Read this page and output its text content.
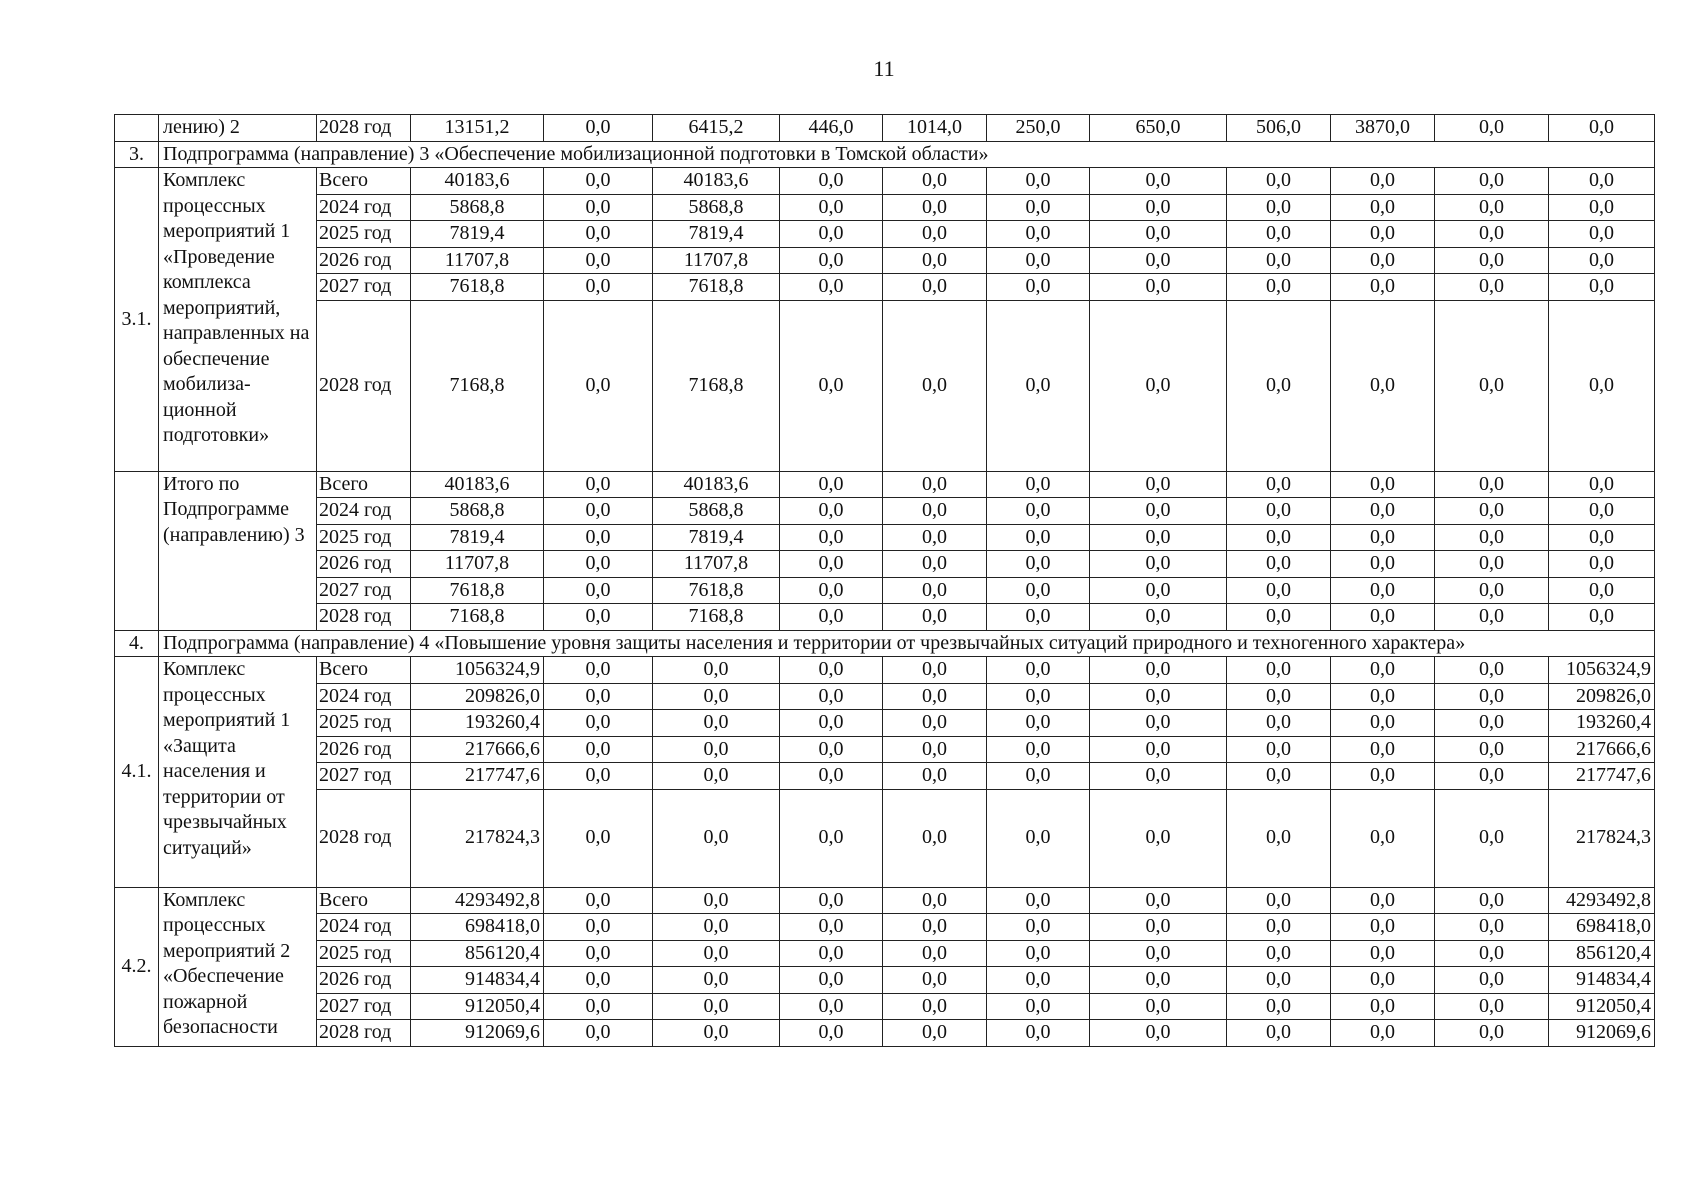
11
	лению) 2	2028 год	13151,2	0,0	6415,2	446,0	1014,0	250,0	650,0	506,0	3870,0	0,0	0,0
3.	Подпрограмма (направление) 3 «Обеспечение мобилизационной подготовки в Томской области»												
3.1.	Комплекс процессных мероприятий 1 «Проведение комплекса мероприятий, направленных на обеспечение мобилиза-ционной подготовки»	Всего	40183,6	0,0	40183,6	0,0	0,0	0,0	0,0	0,0	0,0	0,0	0,0
		2024 год	5868,8	0,0	5868,8	0,0	0,0	0,0	0,0	0,0	0,0	0,0	0,0
		2025 год	7819,4	0,0	7819,4	0,0	0,0	0,0	0,0	0,0	0,0	0,0	0,0
		2026 год	11707,8	0,0	11707,8	0,0	0,0	0,0	0,0	0,0	0,0	0,0	0,0
		2027 год	7618,8	0,0	7618,8	0,0	0,0	0,0	0,0	0,0	0,0	0,0	0,0
		2028 год	7168,8	0,0	7168,8	0,0	0,0	0,0	0,0	0,0	0,0	0,0	0,0
	Итого по Подпрограмме (направлению) 3	Всего	40183,6	0,0	40183,6	0,0	0,0	0,0	0,0	0,0	0,0	0,0	0,0
		2024 год	5868,8	0,0	5868,8	0,0	0,0	0,0	0,0	0,0	0,0	0,0	0,0
		2025 год	7819,4	0,0	7819,4	0,0	0,0	0,0	0,0	0,0	0,0	0,0	0,0
		2026 год	11707,8	0,0	11707,8	0,0	0,0	0,0	0,0	0,0	0,0	0,0	0,0
		2027 год	7618,8	0,0	7618,8	0,0	0,0	0,0	0,0	0,0	0,0	0,0	0,0
		2028 год	7168,8	0,0	7168,8	0,0	0,0	0,0	0,0	0,0	0,0	0,0	0,0
4.	Подпрограмма (направление) 4 «Повышение уровня защиты населения и территории от чрезвычайных ситуаций природного и техногенного характера»												
4.1.	Комплекс процессных мероприятий 1 «Защита населения и территории от чрезвычайных ситуаций»	Всего	1056324,9	0,0	0,0	0,0	0,0	0,0	0,0	0,0	0,0	0,0	1056324,9
		2024 год	209826,0	0,0	0,0	0,0	0,0	0,0	0,0	0,0	0,0	0,0	209826,0
		2025 год	193260,4	0,0	0,0	0,0	0,0	0,0	0,0	0,0	0,0	0,0	193260,4
		2026 год	217666,6	0,0	0,0	0,0	0,0	0,0	0,0	0,0	0,0	0,0	217666,6
		2027 год	217747,6	0,0	0,0	0,0	0,0	0,0	0,0	0,0	0,0	0,0	217747,6
		2028 год	217824,3	0,0	0,0	0,0	0,0	0,0	0,0	0,0	0,0	0,0	217824,3
4.2.	Комплекс процессных мероприятий 2 «Обеспечение пожарной безопасности	Всего	4293492,8	0,0	0,0	0,0	0,0	0,0	0,0	0,0	0,0	0,0	4293492,8
		2024 год	698418,0	0,0	0,0	0,0	0,0	0,0	0,0	0,0	0,0	0,0	698418,0
		2025 год	856120,4	0,0	0,0	0,0	0,0	0,0	0,0	0,0	0,0	0,0	856120,4
		2026 год	914834,4	0,0	0,0	0,0	0,0	0,0	0,0	0,0	0,0	0,0	914834,4
		2027 год	912050,4	0,0	0,0	0,0	0,0	0,0	0,0	0,0	0,0	0,0	912050,4
		2028 год	912069,6	0,0	0,0	0,0	0,0	0,0	0,0	0,0	0,0	0,0	912069,6
